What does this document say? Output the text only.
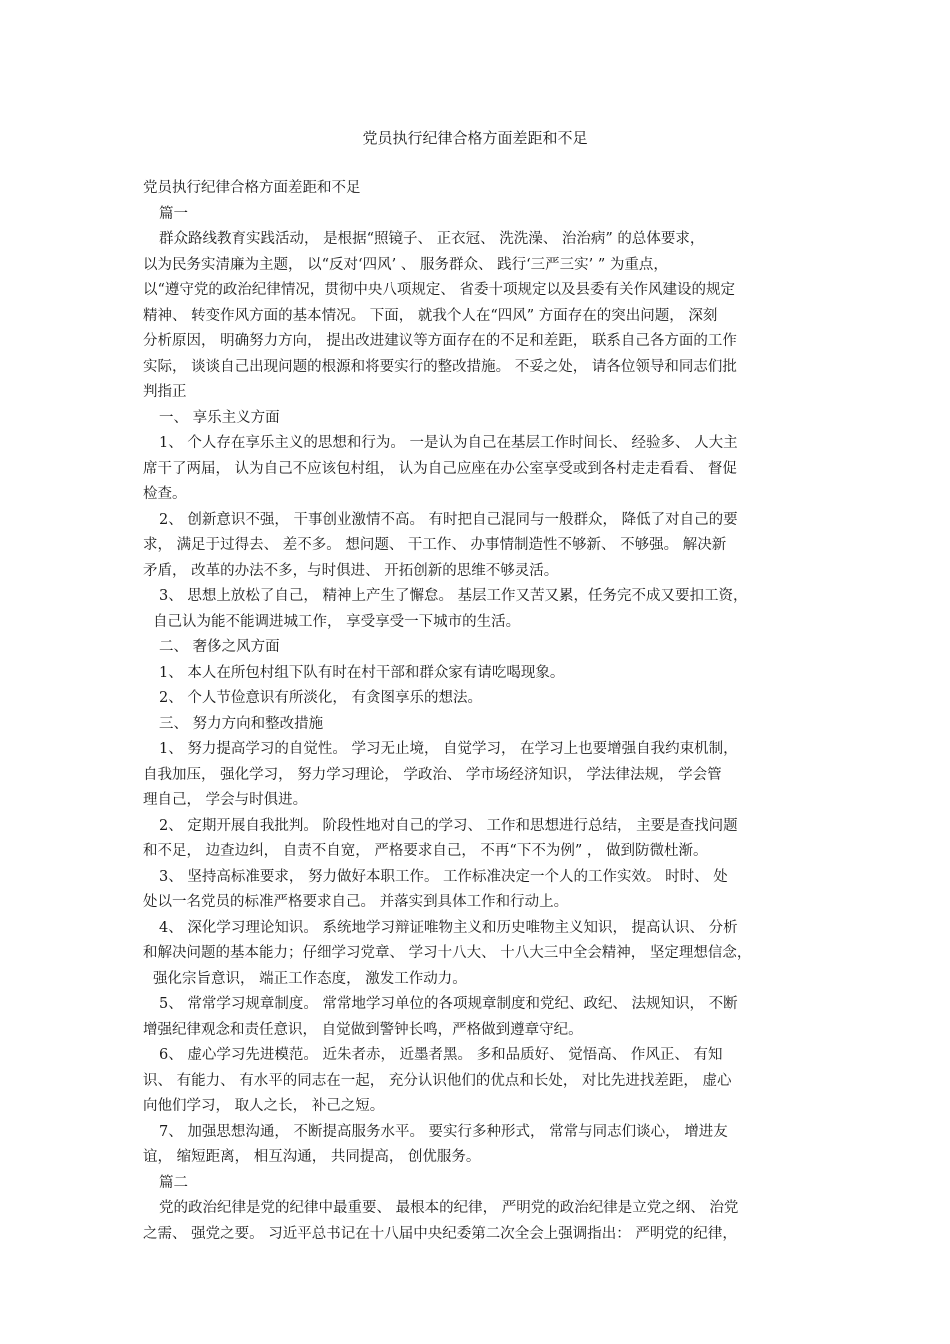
党员执行纪律合格方面差距和不足
党员执行纪律合格方面差距和不足
篇一
群众路线教育实践活动， 是根据“照镜子、 正衣冠、 洗洗澡、 治治病” 的总体要求，
以为民务实清廉为主题， 以“反对‘四风’ 、 服务群众、 践行‘三严三实’ ” 为重点，
以“遵守党的政治纪律情况，贯彻中央八项规定、 省委十项规定以及县委有关作风建设的规定
精神、 转变作风方面的基本情况。 下面， 就我个人在“四风” 方面存在的突出问题， 深刻
分析原因， 明确努力方向， 提出改进建议等方面存在的不足和差距， 联系自己各方面的工作
实际， 谈谈自己出现问题的根源和将要实行的整改措施。 不妥之处， 请各位领导和同志们批
判指正
一、 享乐主义方面
1、 个人存在享乐主义的思想和行为。 一是认为自己在基层工作时间长、 经验多、 人大主
席干了两届， 认为自己不应该包村组， 认为自己应座在办公室享受或到各村走走看看、 督促
检查。
2、 创新意识不强， 干事创业激情不高。 有时把自己混同与一般群众， 降低了对自己的要
求， 满足于过得去、 差不多。 想问题、 干工作、 办事情制造性不够新、 不够强。 解决新
矛盾， 改革的办法不多，与时俱进、 开拓创新的思维不够灵活。
3、 思想上放松了自己， 精神上产生了懈怠。 基层工作又苦又累，任务完不成又要扣工资，
自己认为能不能调进城工作， 享受享受一下城市的生活。
二、 奢侈之风方面
1、 本人在所包村组下队有时在村干部和群众家有请吃喝现象。
2、 个人节俭意识有所淡化， 有贪图享乐的想法。
三、 努力方向和整改措施
1、 努力提高学习的自觉性。 学习无止境， 自觉学习， 在学习上也要增强自我约束机制，
自我加压， 强化学习， 努力学习理论， 学政治、 学市场经济知识， 学法律法规， 学会管
理自己， 学会与时俱进。
2、 定期开展自我批判。 阶段性地对自己的学习、 工作和思想进行总结， 主要是查找问题
和不足， 边查边纠， 自责不自宽， 严格要求自己， 不再“下不为例” ， 做到防微杜渐。
3、 坚持高标准要求， 努力做好本职工作。 工作标准决定一个人的工作实效。 时时、 处
处以一名党员的标准严格要求自己。 并落实到具体工作和行动上。
4、 深化学习理论知识。 系统地学习辩证唯物主义和历史唯物主义知识， 提高认识、 分析
和解决问题的基本能力；仔细学习党章、 学习十八大、 十八大三中全会精神， 坚定理想信念，
强化宗旨意识， 端正工作态度， 激发工作动力。
5、 常常学习规章制度。 常常地学习单位的各项规章制度和党纪、政纪、 法规知识， 不断
增强纪律观念和责任意识， 自觉做到警钟长鸣，严格做到遵章守纪。
6、 虚心学习先进模范。 近朱者赤， 近墨者黑。 多和品质好、 觉悟高、 作风正、 有知
识、 有能力、 有水平的同志在一起， 充分认识他们的优点和长处， 对比先进找差距， 虚心
向他们学习， 取人之长， 补己之短。
7、 加强思想沟通， 不断提高服务水平。 要实行多种形式， 常常与同志们谈心， 增进友
谊， 缩短距离， 相互沟通， 共同提高， 创优服务。
篇二
党的政治纪律是党的纪律中最重要、 最根本的纪律， 严明党的政治纪律是立党之纲、 治党
之需、 强党之要。 习近平总书记在十八届中央纪委第二次全会上强调指出： 严明党的纪律，
